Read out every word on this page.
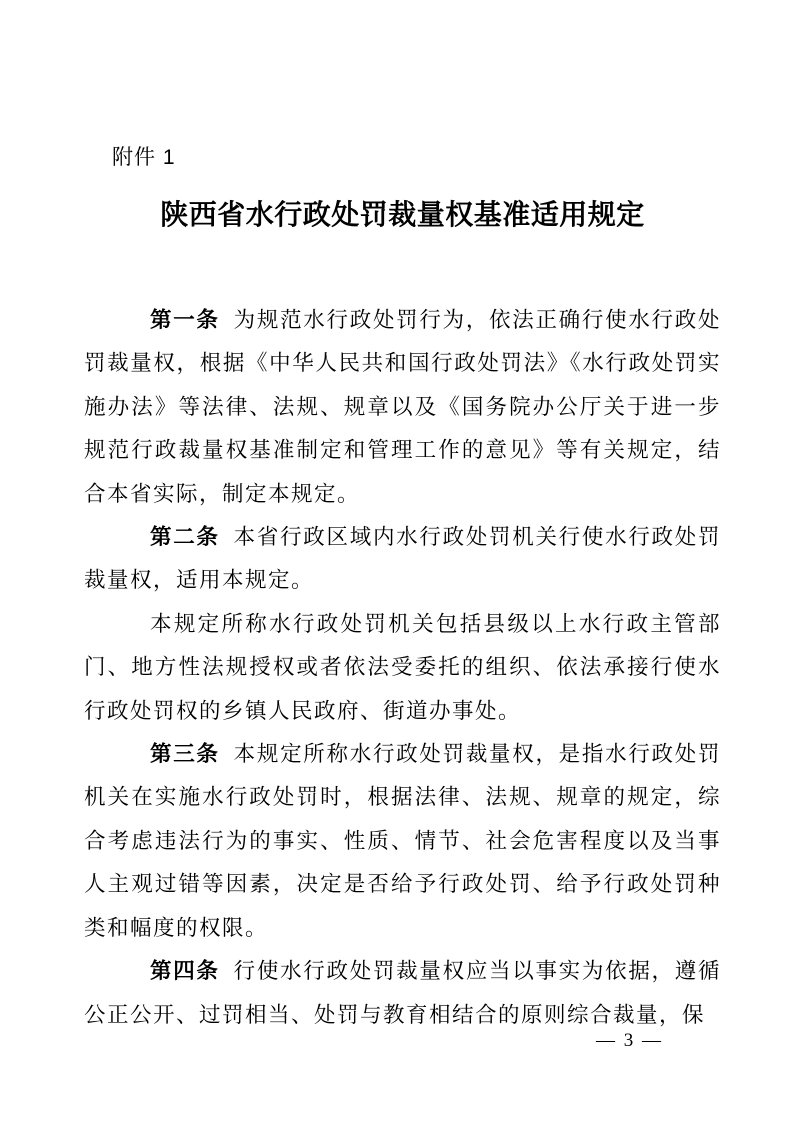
附件 1
陕西省水行政处罚裁量权基准适用规定

第一条 为规范水行政处罚行为，依法正确行使水行政处罚裁量权，根据《中华人民共和国行政处罚法》《水行政处罚实施办法》等法律、法规、规章以及《国务院办公厅关于进一步规范行政裁量权基准制定和管理工作的意见》等有关规定，结合本省实际，制定本规定。

第二条 本省行政区域内水行政处罚机关行使水行政处罚裁量权，适用本规定。

本规定所称水行政处罚机关包括县级以上水行政主管部门、地方性法规授权或者依法受委托的组织、依法承接行使水行政处罚权的乡镇人民政府、街道办事处。

第三条 本规定所称水行政处罚裁量权，是指水行政处罚机关在实施水行政处罚时，根据法律、法规、规章的规定，综合考虑违法行为的事实、性质、情节、社会危害程度以及当事人主观过错等因素，决定是否给予行政处罚、给予行政处罚种类和幅度的权限。

第四条 行使水行政处罚裁量权应当以事实为依据，遵循公正公开、过罚相当、处罚与教育相结合的原则综合裁量，保

— 3 —
